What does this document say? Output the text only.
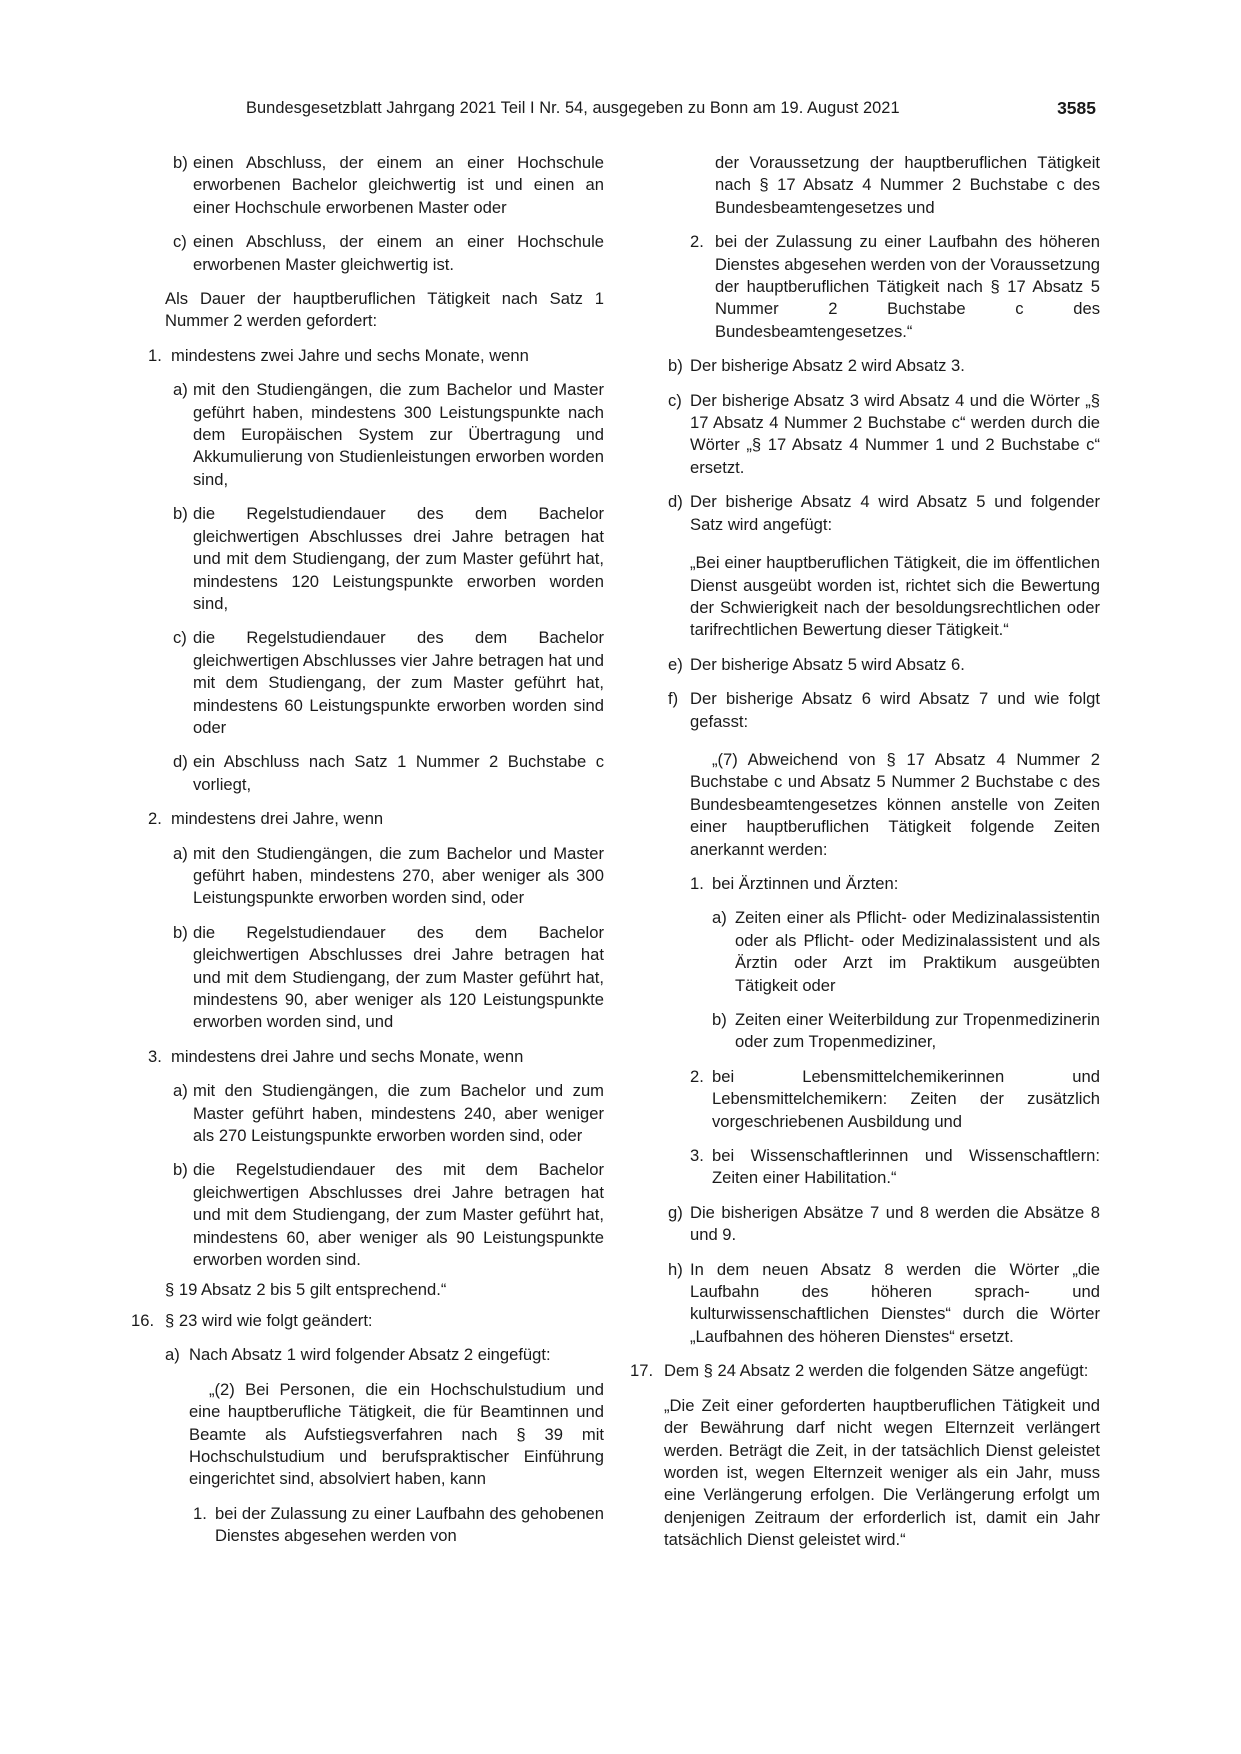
Bundesgesetzblatt Jahrgang 2021 Teil I Nr. 54, ausgegeben zu Bonn am 19. August 2021	3585
b) einen Abschluss, der einem an einer Hochschule erworbenen Bachelor gleichwertig ist und einen an einer Hochschule erworbenen Master oder
c) einen Abschluss, der einem an einer Hochschule erworbenen Master gleichwertig ist.
Als Dauer der hauptberuflichen Tätigkeit nach Satz 1 Nummer 2 werden gefordert:
1. mindestens zwei Jahre und sechs Monate, wenn
a) mit den Studiengängen, die zum Bachelor und Master geführt haben, mindestens 300 Leistungspunkte nach dem Europäischen System zur Übertragung und Akkumulierung von Studienleistungen erworben worden sind,
b) die Regelstudiendauer des dem Bachelor gleichwertigen Abschlusses drei Jahre betragen hat und mit dem Studiengang, der zum Master geführt hat, mindestens 120 Leistungspunkte erworben worden sind,
c) die Regelstudiendauer des dem Bachelor gleichwertigen Abschlusses vier Jahre betragen hat und mit dem Studiengang, der zum Master geführt hat, mindestens 60 Leistungspunkte erworben worden sind oder
d) ein Abschluss nach Satz 1 Nummer 2 Buchstabe c vorliegt,
2. mindestens drei Jahre, wenn
a) mit den Studiengängen, die zum Bachelor und Master geführt haben, mindestens 270, aber weniger als 300 Leistungspunkte erworben worden sind, oder
b) die Regelstudiendauer des dem Bachelor gleichwertigen Abschlusses drei Jahre betragen hat und mit dem Studiengang, der zum Master geführt hat, mindestens 90, aber weniger als 120 Leistungspunkte erworben worden sind, und
3. mindestens drei Jahre und sechs Monate, wenn
a) mit den Studiengängen, die zum Bachelor und zum Master geführt haben, mindestens 240, aber weniger als 270 Leistungspunkte erworben worden sind, oder
b) die Regelstudiendauer des mit dem Bachelor gleichwertigen Abschlusses drei Jahre betragen hat und mit dem Studiengang, der zum Master geführt hat, mindestens 60, aber weniger als 90 Leistungspunkte erworben worden sind.
§ 19 Absatz 2 bis 5 gilt entsprechend.“
16. § 23 wird wie folgt geändert:
a) Nach Absatz 1 wird folgender Absatz 2 eingefügt:
„(2) Bei Personen, die ein Hochschulstudium und eine hauptberufliche Tätigkeit, die für Beamtinnen und Beamte als Aufstiegsverfahren nach § 39 mit Hochschulstudium und berufspraktischer Einführung eingerichtet sind, absolviert haben, kann
1. bei der Zulassung zu einer Laufbahn des gehobenen Dienstes abgesehen werden von
der Voraussetzung der hauptberuflichen Tätigkeit nach § 17 Absatz 4 Nummer 2 Buchstabe c des Bundesbeamtengesetzes und
2. bei der Zulassung zu einer Laufbahn des höheren Dienstes abgesehen werden von der Voraussetzung der hauptberuflichen Tätigkeit nach § 17 Absatz 5 Nummer 2 Buchstabe c des Bundesbeamtengesetzes.“
b) Der bisherige Absatz 2 wird Absatz 3.
c) Der bisherige Absatz 3 wird Absatz 4 und die Wörter „§ 17 Absatz 4 Nummer 2 Buchstabe c“ werden durch die Wörter „§ 17 Absatz 4 Nummer 1 und 2 Buchstabe c“ ersetzt.
d) Der bisherige Absatz 4 wird Absatz 5 und folgender Satz wird angefügt:
„Bei einer hauptberuflichen Tätigkeit, die im öffentlichen Dienst ausgeübt worden ist, richtet sich die Bewertung der Schwierigkeit nach der besoldungsrechtlichen oder tarifrechtlichen Bewertung dieser Tätigkeit.“
e) Der bisherige Absatz 5 wird Absatz 6.
f) Der bisherige Absatz 6 wird Absatz 7 und wie folgt gefasst:
„(7) Abweichend von § 17 Absatz 4 Nummer 2 Buchstabe c und Absatz 5 Nummer 2 Buchstabe c des Bundesbeamtengesetzes können anstelle von Zeiten einer hauptberuflichen Tätigkeit folgende Zeiten anerkannt werden:
1. bei Ärztinnen und Ärzten:
a) Zeiten einer als Pflicht- oder Medizinalassistentin oder als Pflicht- oder Medizinalassistent und als Ärztin oder Arzt im Praktikum ausgeübten Tätigkeit oder
b) Zeiten einer Weiterbildung zur Tropenmedizinerin oder zum Tropenmediziner,
2. bei Lebensmittelchemikerinnen und Lebensmittelchemikern: Zeiten der zusätzlich vorgeschriebenen Ausbildung und
3. bei Wissenschaftlerinnen und Wissenschaftlern: Zeiten einer Habilitation.“
g) Die bisherigen Absätze 7 und 8 werden die Absätze 8 und 9.
h) In dem neuen Absatz 8 werden die Wörter „die Laufbahn des höheren sprach- und kulturwissenschaftlichen Dienstes“ durch die Wörter „Laufbahnen des höheren Dienstes“ ersetzt.
17. Dem § 24 Absatz 2 werden die folgenden Sätze angefügt:
„Die Zeit einer geforderten hauptberuflichen Tätigkeit und der Bewährung darf nicht wegen Elternzeit verlängert werden. Beträgt die Zeit, in der tatsächlich Dienst geleistet worden ist, wegen Elternzeit weniger als ein Jahr, muss eine Verlängerung erfolgen. Die Verlängerung erfolgt um denjenigen Zeitraum der erforderlich ist, damit ein Jahr tatsächlich Dienst geleistet wird.“
